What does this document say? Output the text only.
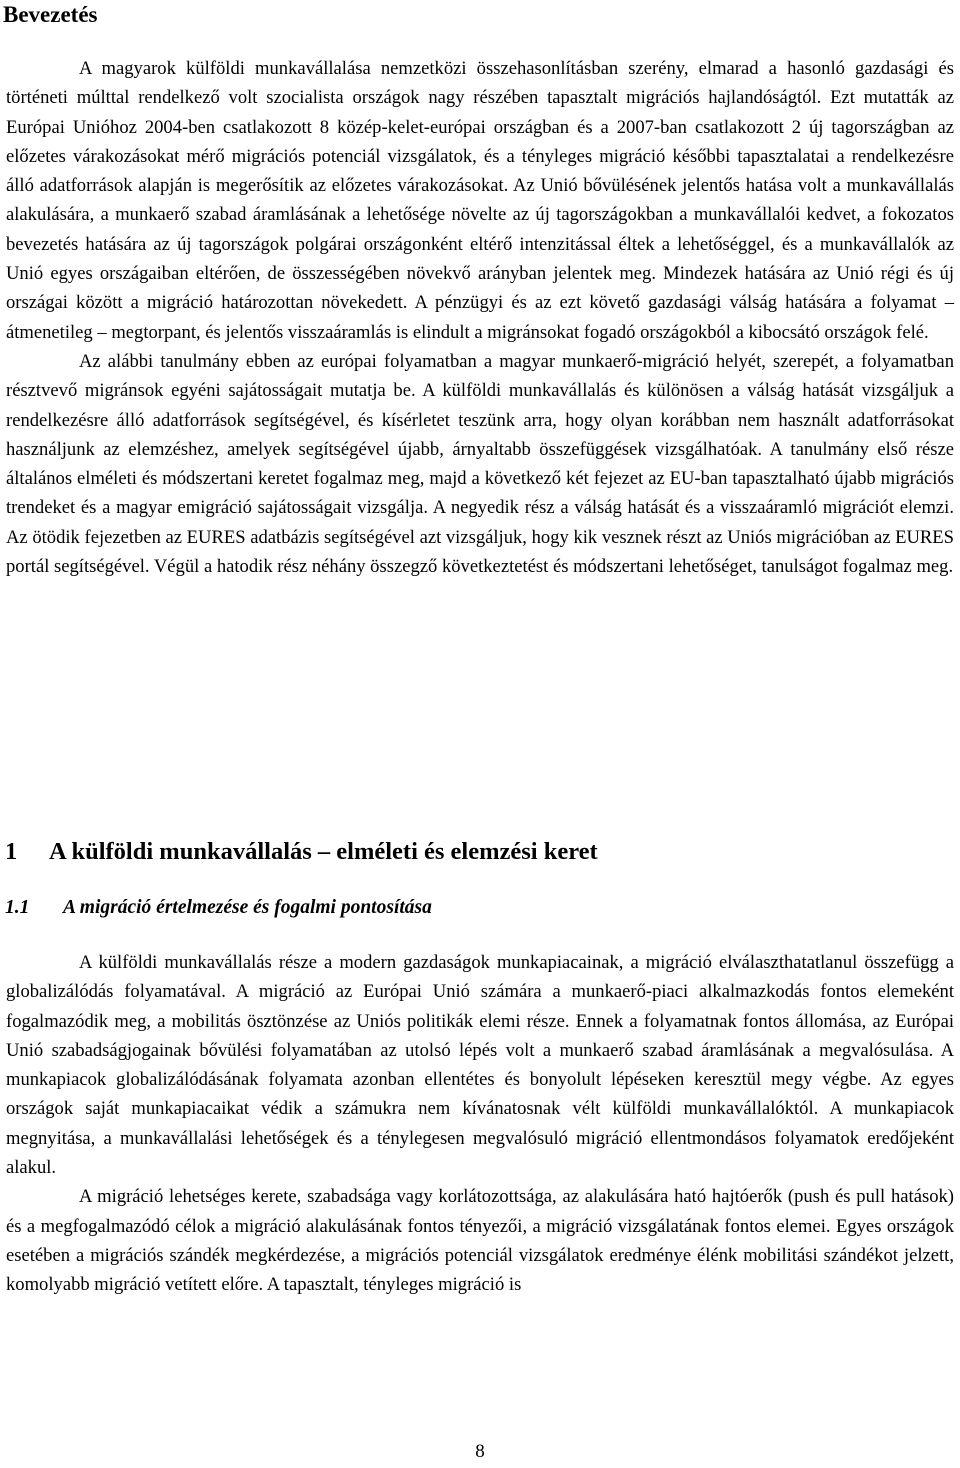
Bevezetés

A magyarok külföldi munkavállalása nemzetközi összehasonlításban szerény, elmarad a hasonló gazdasági és történeti múlttal rendelkező volt szocialista országok nagy részében tapasztalt migrációs hajlandóságtól. Ezt mutatták az Európai Unióhoz 2004-ben csatlakozott 8 közép-kelet-európai országban és a 2007-ban csatlakozott 2 új tagországban az előzetes várakozásokat mérő migrációs potenciál vizsgálatok, és a tényleges migráció későbbi tapasztalatai a rendelkezésre álló adatforrások alapján is megerősítik az előzetes várakozásokat. Az Unió bővülésének jelentős hatása volt a munkavállalás alakulására, a munkaerő szabad áramlásának a lehetősége növelte az új tagországokban a munkavállalói kedvet, a fokozatos bevezetés hatására az új tagországok polgárai országonként eltérő intenzitással éltek a lehetőséggel, és a munkavállalók az Unió egyes országaiban eltérően, de összességében növekvő arányban jelentek meg. Mindezek hatására az Unió régi és új országai között a migráció határozottan növekedett. A pénzügyi és az ezt követő gazdasági válság hatására a folyamat – átmenetileg – megtorpant, és jelentős visszaáramlás is elindult a migránsokat fogadó országokból a kibocsátó országok felé.

Az alábbi tanulmány ebben az európai folyamatban a magyar munkaerő-migráció helyét, szerepét, a folyamatban résztvevő migránsok egyéni sajátosságait mutatja be. A külföldi munkavállalás és különösen a válság hatását vizsgáljuk a rendelkezésre álló adatforrások segítségével, és kísérletet teszünk arra, hogy olyan korábban nem használt adatforrásokat használjunk az elemzéshez, amelyek segítségével újabb, árnyaltabb összefüggések vizsgálhatóak. A tanulmány első része általános elméleti és módszertani keretet fogalmaz meg, majd a következő két fejezet az EU-ban tapasztalható újabb migrációs trendeket és a magyar emigráció sajátosságait vizsgálja. A negyedik rész a válság hatását és a visszaáramló migrációt elemzi. Az ötödik fejezetben az EURES adatbázis segítségével azt vizsgáljuk, hogy kik vesznek részt az Uniós migrációban az EURES portál segítségével. Végül a hatodik rész néhány összegző következtetést és módszertani lehetőséget, tanulságot fogalmaz meg.

1 A külföldi munkavállalás – elméleti és elemzési keret
1.1 A migráció értelmezése és fogalmi pontosítása

A külföldi munkavállalás része a modern gazdaságok munkapiacainak, a migráció elválaszthatatlanul összefügg a globalizálódás folyamatával. A migráció az Európai Unió számára a munkaerő-piaci alkalmazkodás fontos elemeként fogalmazódik meg, a mobilitás ösztönzése az Uniós politikák elemi része. Ennek a folyamatnak fontos állomása, az Európai Unió szabadságjogainak bővülési folyamatában az utolsó lépés volt a munkaerő szabad áramlásának a megvalósulása. A munkapiacok globalizálódásának folyamata azonban ellentétes és bonyolult lépéseken keresztül megy végbe. Az egyes országok saját munkapiacaikat védik a számukra nem kívánatosnak vélt külföldi munkavállalóktól. A munkapiacok megnyitása, a munkavállalási lehetőségek és a ténylegesen megvalósuló migráció ellentmondásos folyamatok eredőjeként alakul.

A migráció lehetséges kerete, szabadsága vagy korlátozottsága, az alakulására ható hajtóerők (push és pull hatások) és a megfogalmazódó célok a migráció alakulásának fontos tényezői, a migráció vizsgálatának fontos elemei. Egyes országok esetében a migrációs szándék megkérdezése, a migrációs potenciál vizsgálatok eredménye élénk mobilitási szándékot jelzett, komolyabb migráció vetített előre. A tapasztalt, tényleges migráció is

8
